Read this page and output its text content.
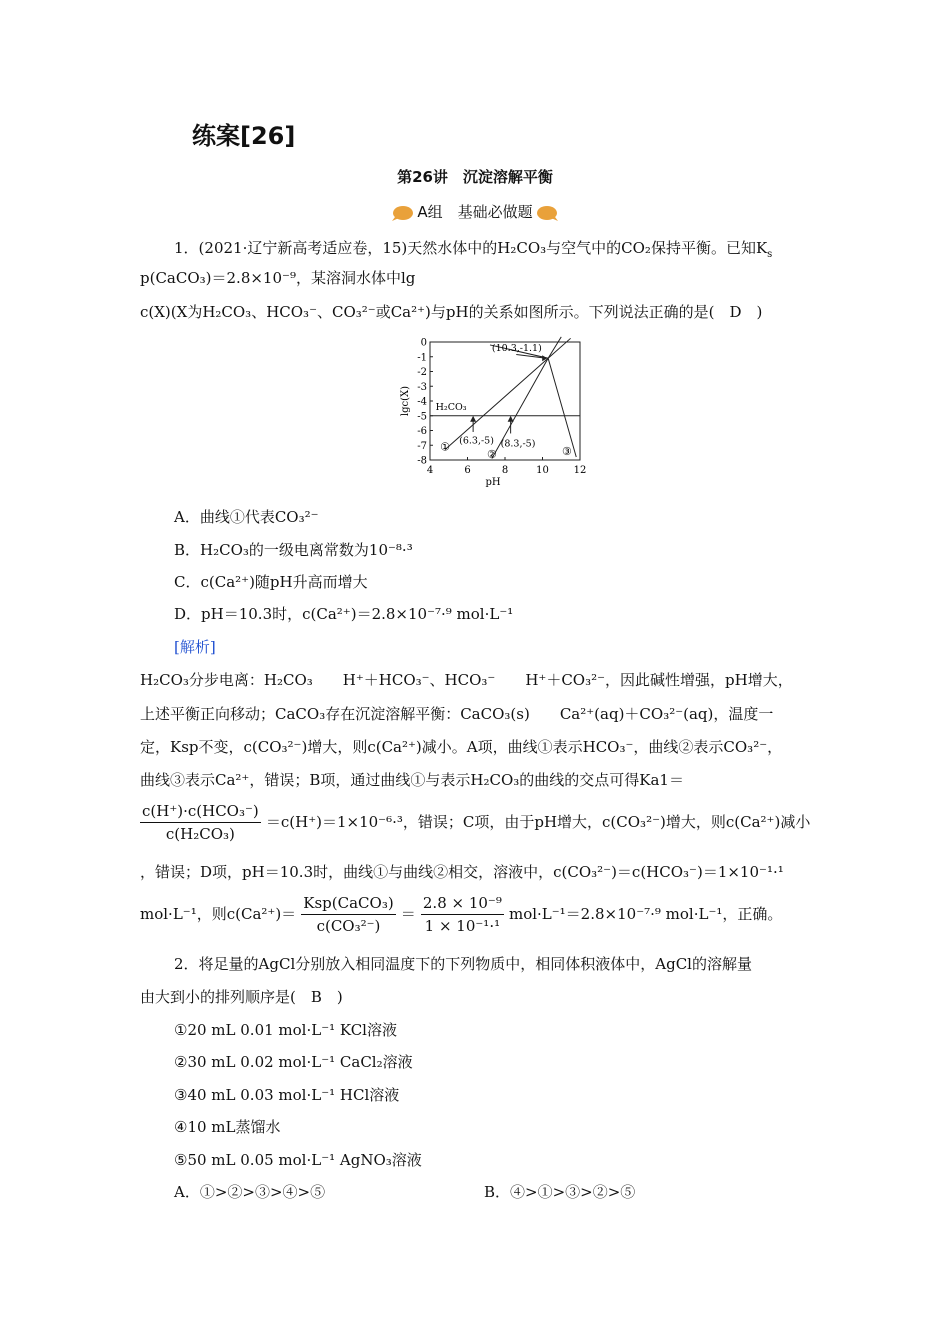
练案[26]
第26讲　沉淀溶解平衡
A组　基础必做题
1．(2021·辽宁新高考适应卷，15)天然水体中的H₂CO₃与空气中的CO₂保持平衡。已知$K_s$
p(CaCO₃)＝2.8×10⁻⁹，某溶洞水体中lg
c(X)(X为H₂CO₃、HCO₃⁻、CO₃²⁻或Ca²⁺)与pH的关系如图所示。下列说法正确的是(　D　)
0
-1
-2
-3
-4
-5
-6
-7
-8
4	6	8	10 12
pH
lgc(X)
(10.3,-1.1)
(6.3,-5) (8.3,-5)
H₂CO₃
①
②	③
A．曲线①代表CO₃²⁻
B．H₂CO₃的一级电离常数为10⁻⁸·³
C．c(Ca²⁺)随pH升高而增大
D．pH＝10.3时，c(Ca²⁺)＝2.8×10⁻⁷·⁹ mol·L⁻¹
[解析]
H₂CO₃分步电离：H₂CO₃　　H⁺＋HCO₃⁻、HCO₃⁻　　H⁺＋CO₃²⁻，因此碱性增强，pH增大，
上述平衡正向移动；CaCO₃存在沉淀溶解平衡：CaCO₃(s)　　Ca²⁺(aq)＋CO₃²⁻(aq)，温度一
定，Ksp不变，c(CO₃²⁻)增大，则c(Ca²⁺)减小。A项，曲线①表示HCO₃⁻，曲线②表示CO₃²⁻，
曲线③表示Ca²⁺，错误；B项，通过曲线①与表示H₂CO₃的曲线的交点可得Ka1＝
$\frac{\text{c(H⁺)·c(HCO₃⁻)}}{\text{c(H₂CO₃)}} =c(H^+)=1\times 10^{-6}\cdot^3$，错误；C项，由于pH增大，c(CO₃²⁻)增大，则c(Ca²⁺)减小
，错误；D项，pH＝10.3时，曲线①与曲线②相交，溶液中，c(CO₃²⁻)＝c(HCO₃⁻)＝1×10⁻¹·¹
mol·L⁻¹，则$c(Ca^{2+})= \frac{\text{Ksp(CaCO₃)}}{\text{c(CO₃²⁻)}} = \frac{\text{2.8 × 10⁻⁹}}{\text{1 × 10⁻¹·¹}} mol\cdot L^{-1}=2.8\times 10^{-7}\cdot^9$ mol·L⁻¹，正确。
2．将足量的AgCl分别放入相同温度下的下列物质中，相同体积液体中，AgCl的溶解量
由大到小的排列顺序是(　B　)
①20 mL 0.01 mol·L⁻¹ KCl溶液
②30 mL 0.02 mol·L⁻¹ CaCl₂溶液
③40 mL 0.03 mol·L⁻¹ HCl溶液
④10 mL蒸馏水
⑤50 mL 0.05 mol·L⁻¹ AgNO₃溶液
A．①>②>③>④>⑤	B．④>①>③>②>⑤
